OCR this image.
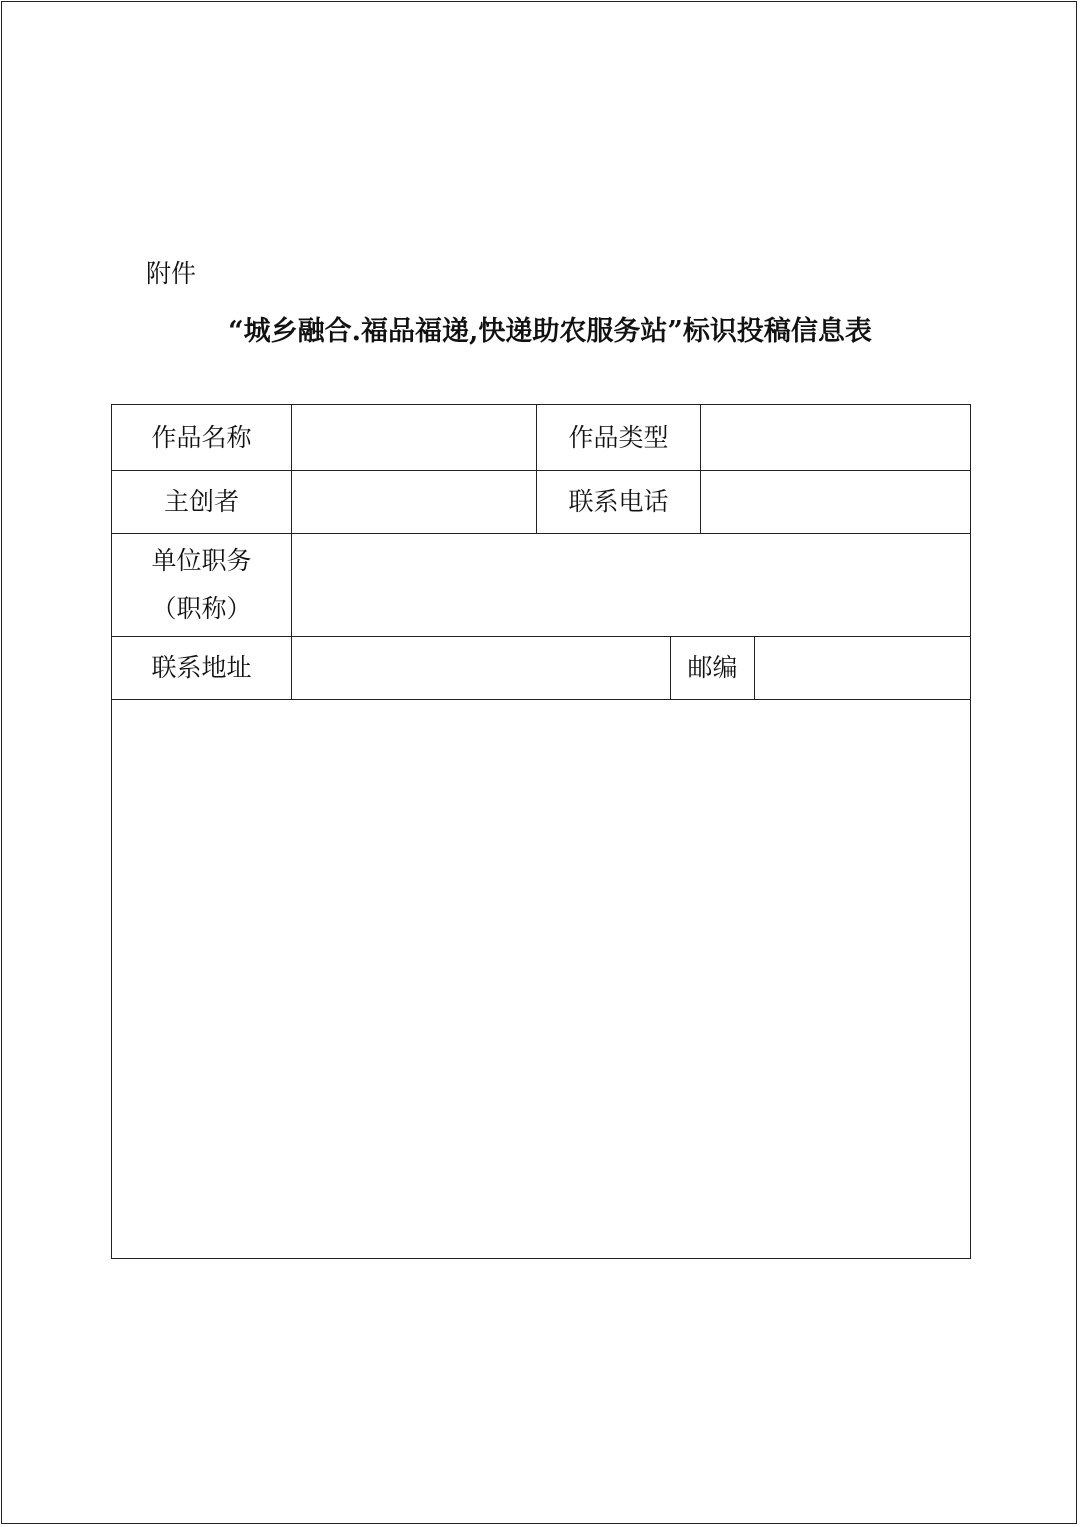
附件

“城乡融合.福品福递,快递助农服务站”标识投稿信息表
作品名称	作品类型
主创者	联系电话
单位职务
（职称）
联系地址	邮编
